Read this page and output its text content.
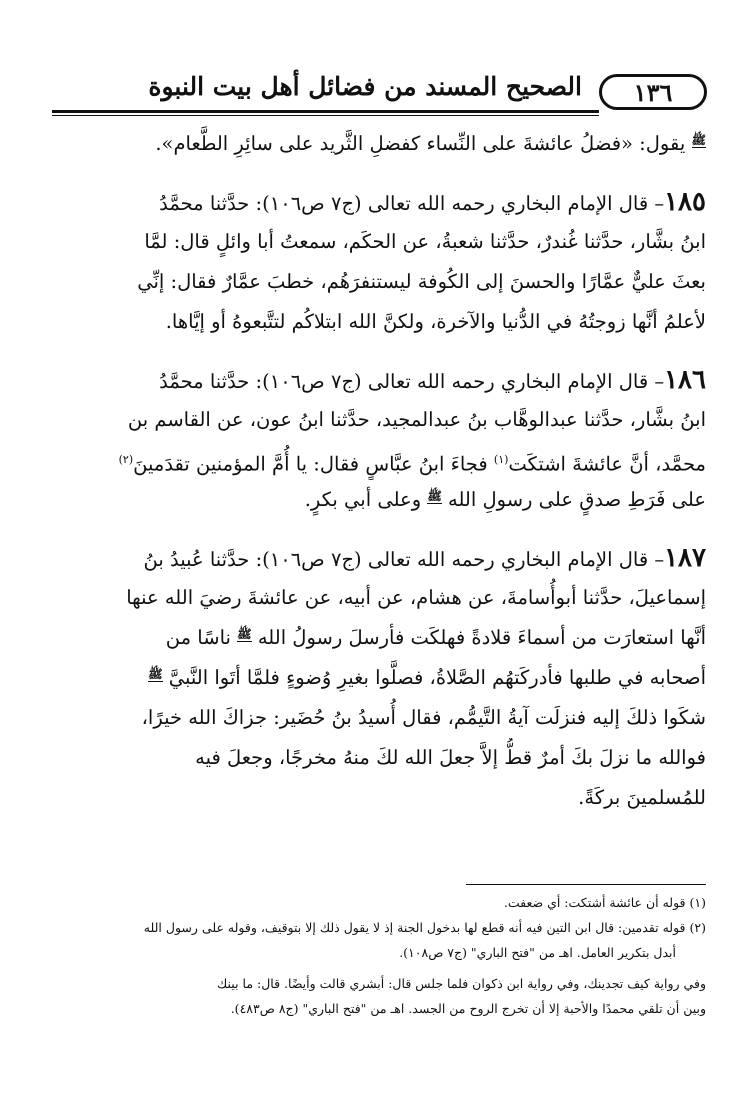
١٣٦
الصحيح المسند من فضائل أهل بيت النبوة
ﷺ يقول: «فضلُ عائشةَ على النِّساء كفضلِ الثَّريد على سائِرِ الطَّعام».
١٨٥– قال الإمام البخاري رحمه الله تعالى (ج٧ ص١٠٦): حدَّثنا محمَّدُ
ابنُ بشَّار، حدَّثنا غُندرٌ، حدَّثنا شعبةُ، عن الحكَم، سمعتُ أبا وائلٍ قال: لمَّا
بعثَ عليٌّ عمَّارًا والحسنَ إلى الكُوفة ليستنفرَهُم، خطبَ عمَّارٌ فقال: إنِّي
لأعلمُ أنَّها زوجتُهُ في الدُّنيا والآخرة، ولكنَّ الله ابتلاكُم لتتَّبعوهُ أو إيَّاها.
١٨٦– قال الإمام البخاري رحمه الله تعالى (ج٧ ص١٠٦): حدَّثنا محمَّدُ
ابنُ بشَّار، حدَّثنا عبدالوهَّاب بنُ عبدالمجيد، حدَّثنا ابنُ عون، عن القاسم بن
محمَّد، أنَّ عائشةَ اشتكَت$^{(١)}$ فجاءَ ابنُ عبَّاسٍ فقال: يا أُمَّ المؤمنين تقدَمينَ$^{(٢)}$
على فَرَطِ صدقٍ على رسولِ الله ﷺ وعلى أبي بكرٍ.
١٨٧– قال الإمام البخاري رحمه الله تعالى (ج٧ ص١٠٦): حدَّثنا عُبيدُ بنُ
إسماعيلَ، حدَّثنا أبوأُسامةَ، عن هشام، عن أبيه، عن عائشةَ رضيَ الله عنها
أنَّها استعارَت من أسماءَ قلادةً فهلكَت فأرسلَ رسولُ الله ﷺ ناسًا من
أصحابه في طلبها فأدركَتهُم الصَّلاةُ، فصلَّوا بغيرِ وُضوءٍ فلمَّا أتَوا النَّبيَّ ﷺ
شكَوا ذلكَ إليه فنزلَت آيةُ التَّيمُّم، فقال أُسيدُ بنُ حُضَير: جزاكَ الله خيرًا،
فوالله ما نزلَ بكَ أمرٌ قطُّ إلاَّ جعلَ الله لكَ منهُ مخرجًا، وجعلَ فيه
للمُسلمينَ بركَةً.
(١) قوله أن عائشة أشتكت: أي ضعفت.
(٢) قوله تقدمين: قال ابن التين فيه أنه قطع لها بدخول الجنة إذ لا يقول ذلك إلا بتوقيف، وقوله على رسول الله
أبدل بتكرير العامل. اهـ من "فتح الباري" (ج٧ ص١٠٨).
وفي رواية كيف تجدينك، وفي رواية ابن ذكوان فلما جلس قال: أبشري قالت وأيضًا. قال: ما بينك
وبين أن تلقي محمدًا والأحبة إلا أن تخرج الروح من الجسد. اهـ من "فتح الباري" (ج٨ ص٤٨٣).
